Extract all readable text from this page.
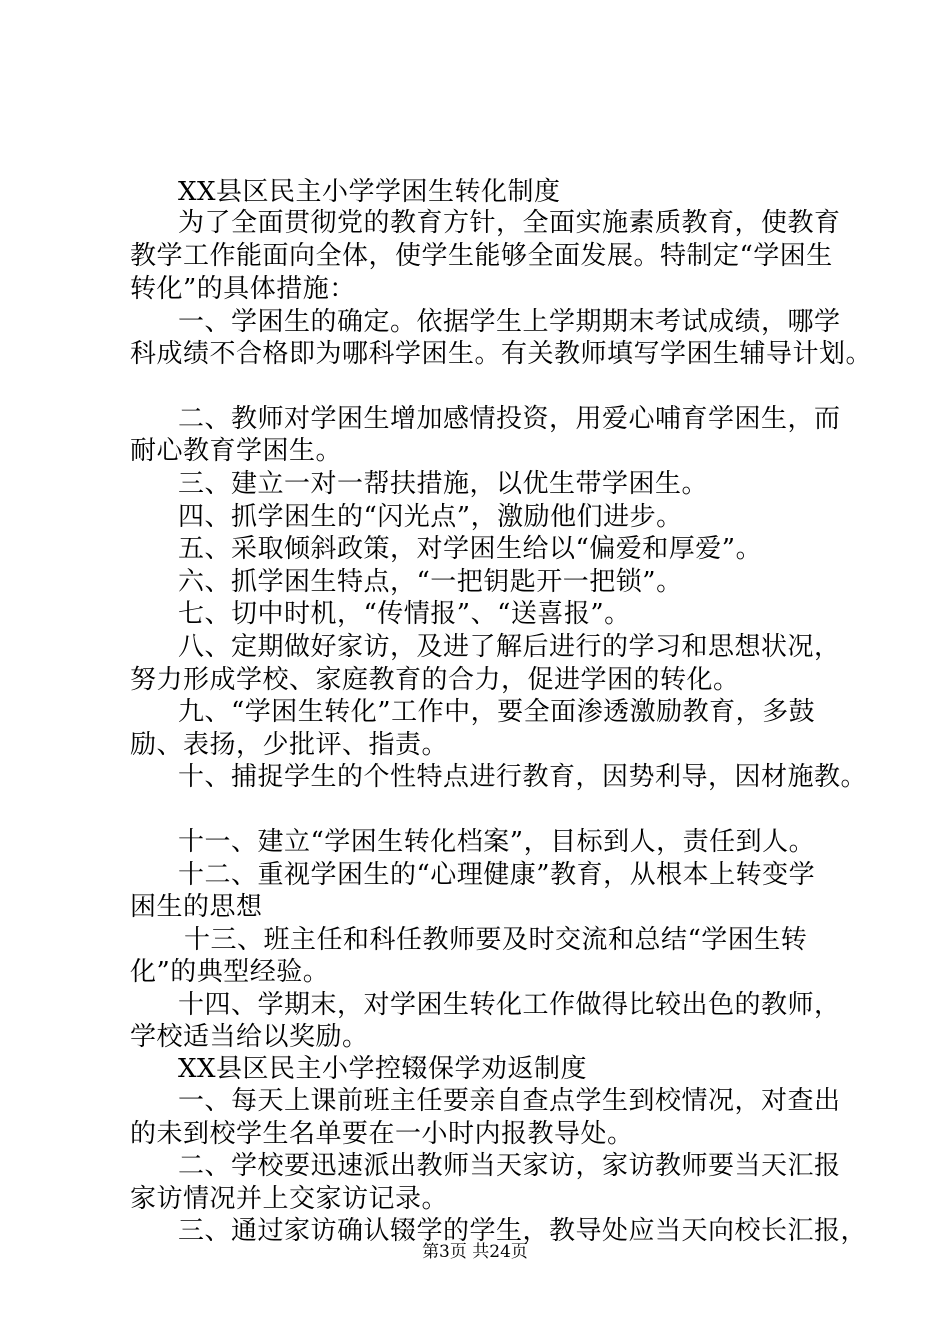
XX县区民主小学学困生转化制度
为了全面贯彻党的教育方针，全面实施素质教育，使教育
教学工作能面向全体，使学生能够全面发展。特制定“学困生
转化”的具体措施：
一、学困生的确定。依据学生上学期期末考试成绩，哪学
科成绩不合格即为哪科学困生。有关教师填写学困生辅导计划。
二、教师对学困生增加感情投资，用爱心哺育学困生，而
耐心教育学困生。
三、建立一对一帮扶措施，以优生带学困生。
四、抓学困生的“闪光点”，激励他们进步。
五、采取倾斜政策，对学困生给以“偏爱和厚爱”。
六、抓学困生特点，“一把钥匙开一把锁”。
七、切中时机，“传情报”、“送喜报”。
八、定期做好家访，及进了解后进行的学习和思想状况，
努力形成学校、家庭教育的合力，促进学困的转化。
九、“学困生转化”工作中，要全面渗透激励教育，多鼓
励、表扬，少批评、指责。
十、捕捉学生的个性特点进行教育，因势利导，因材施教。
十一、建立“学困生转化档案”，目标到人，责任到人。
十二、重视学困生的“心理健康”教育，从根本上转变学
困生的思想
十三、班主任和科任教师要及时交流和总结“学困生转
化”的典型经验。
十四、学期末，对学困生转化工作做得比较出色的教师，
学校适当给以奖励。
XX县区民主小学控辍保学劝返制度
一、每天上课前班主任要亲自查点学生到校情况，对查出
的未到校学生名单要在一小时内报教导处。
二、学校要迅速派出教师当天家访，家访教师要当天汇报
家访情况并上交家访记录。
三、通过家访确认辍学的学生，教导处应当天向校长汇报，
第3页 共24页
